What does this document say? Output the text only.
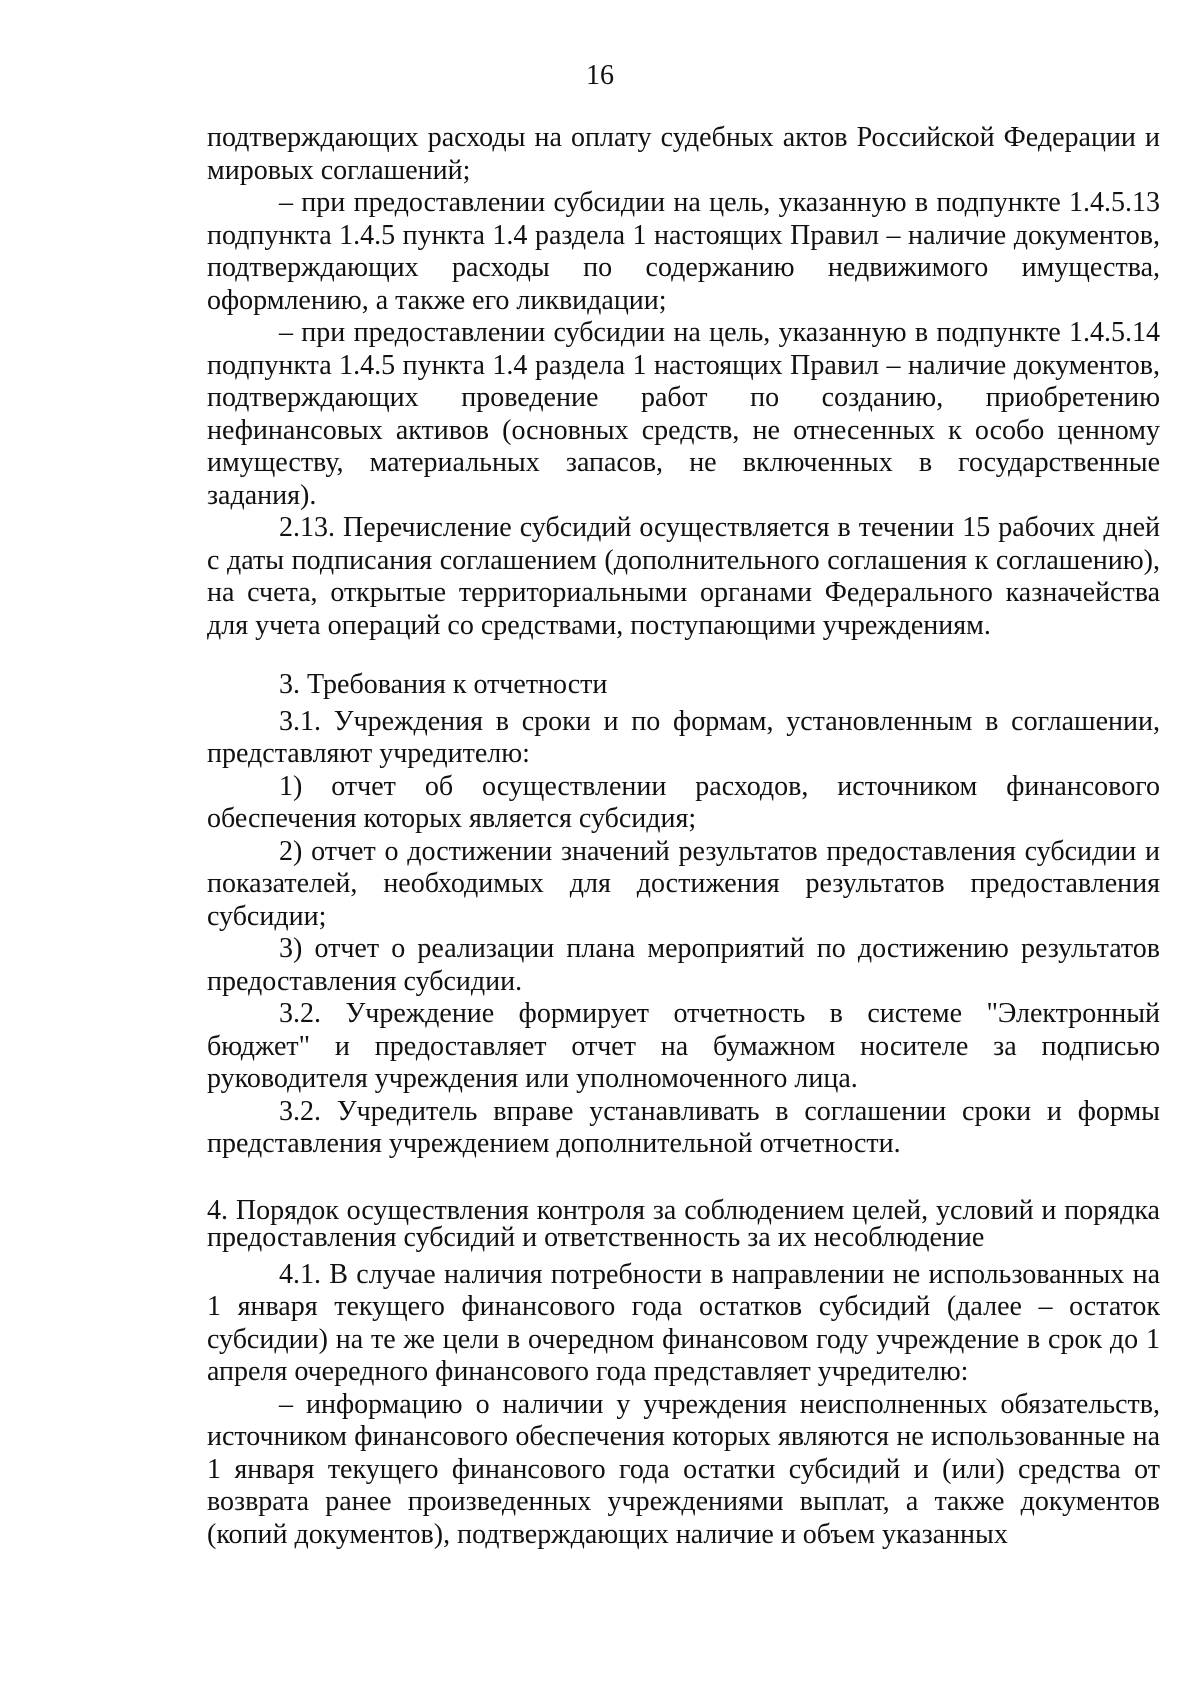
16

подтверждающих расходы на оплату судебных актов Российской Федерации и мировых соглашений;

– при предоставлении субсидии на цель, указанную в подпункте 1.4.5.13 подпункта 1.4.5 пункта 1.4 раздела 1 настоящих Правил – наличие документов, подтверждающих расходы по содержанию недвижимого имущества, оформлению, а также его ликвидации;

– при предоставлении субсидии на цель, указанную в подпункте 1.4.5.14 подпункта 1.4.5 пункта 1.4 раздела 1 настоящих Правил – наличие документов, подтверждающих проведение работ по созданию, приобретению нефинансовых активов (основных средств, не отнесенных к особо ценному имуществу, материальных запасов, не включенных в государственные задания).

2.13. Перечисление субсидий осуществляется в течении 15 рабочих дней с даты подписания соглашением (дополнительного соглашения к соглашению), на счета, открытые территориальными органами Федерального казначейства для учета операций со средствами, поступающими учреждениям.

3. Требования к отчетности

3.1. Учреждения в сроки и по формам, установленным в соглашении, представляют учредителю:

1) отчет об осуществлении расходов, источником финансового обеспечения которых является субсидия;

2) отчет о достижении значений результатов предоставления субсидии и показателей, необходимых для достижения результатов предоставления субсидии;

3) отчет о реализации плана мероприятий по достижению результатов предоставления субсидии.

3.2. Учреждение формирует отчетность в системе "Электронный бюджет" и предоставляет отчет на бумажном носителе за подписью руководителя учреждения или уполномоченного лица.

3.2. Учредитель вправе устанавливать в соглашении сроки и формы представления учреждением дополнительной отчетности.

4. Порядок осуществления контроля за соблюдением целей, условий и порядка предоставления субсидий и ответственность за их несоблюдение

4.1. В случае наличия потребности в направлении не использованных на 1 января текущего финансового года остатков субсидий (далее – остаток субсидии) на те же цели в очередном финансовом году учреждение в срок до 1 апреля очередного финансового года представляет учредителю:

– информацию о наличии у учреждения неисполненных обязательств, источником финансового обеспечения которых являются не использованные на 1 января текущего финансового года остатки субсидий и (или) средства от возврата ранее произведенных учреждениями выплат, а также документов (копий документов), подтверждающих наличие и объем указанных
